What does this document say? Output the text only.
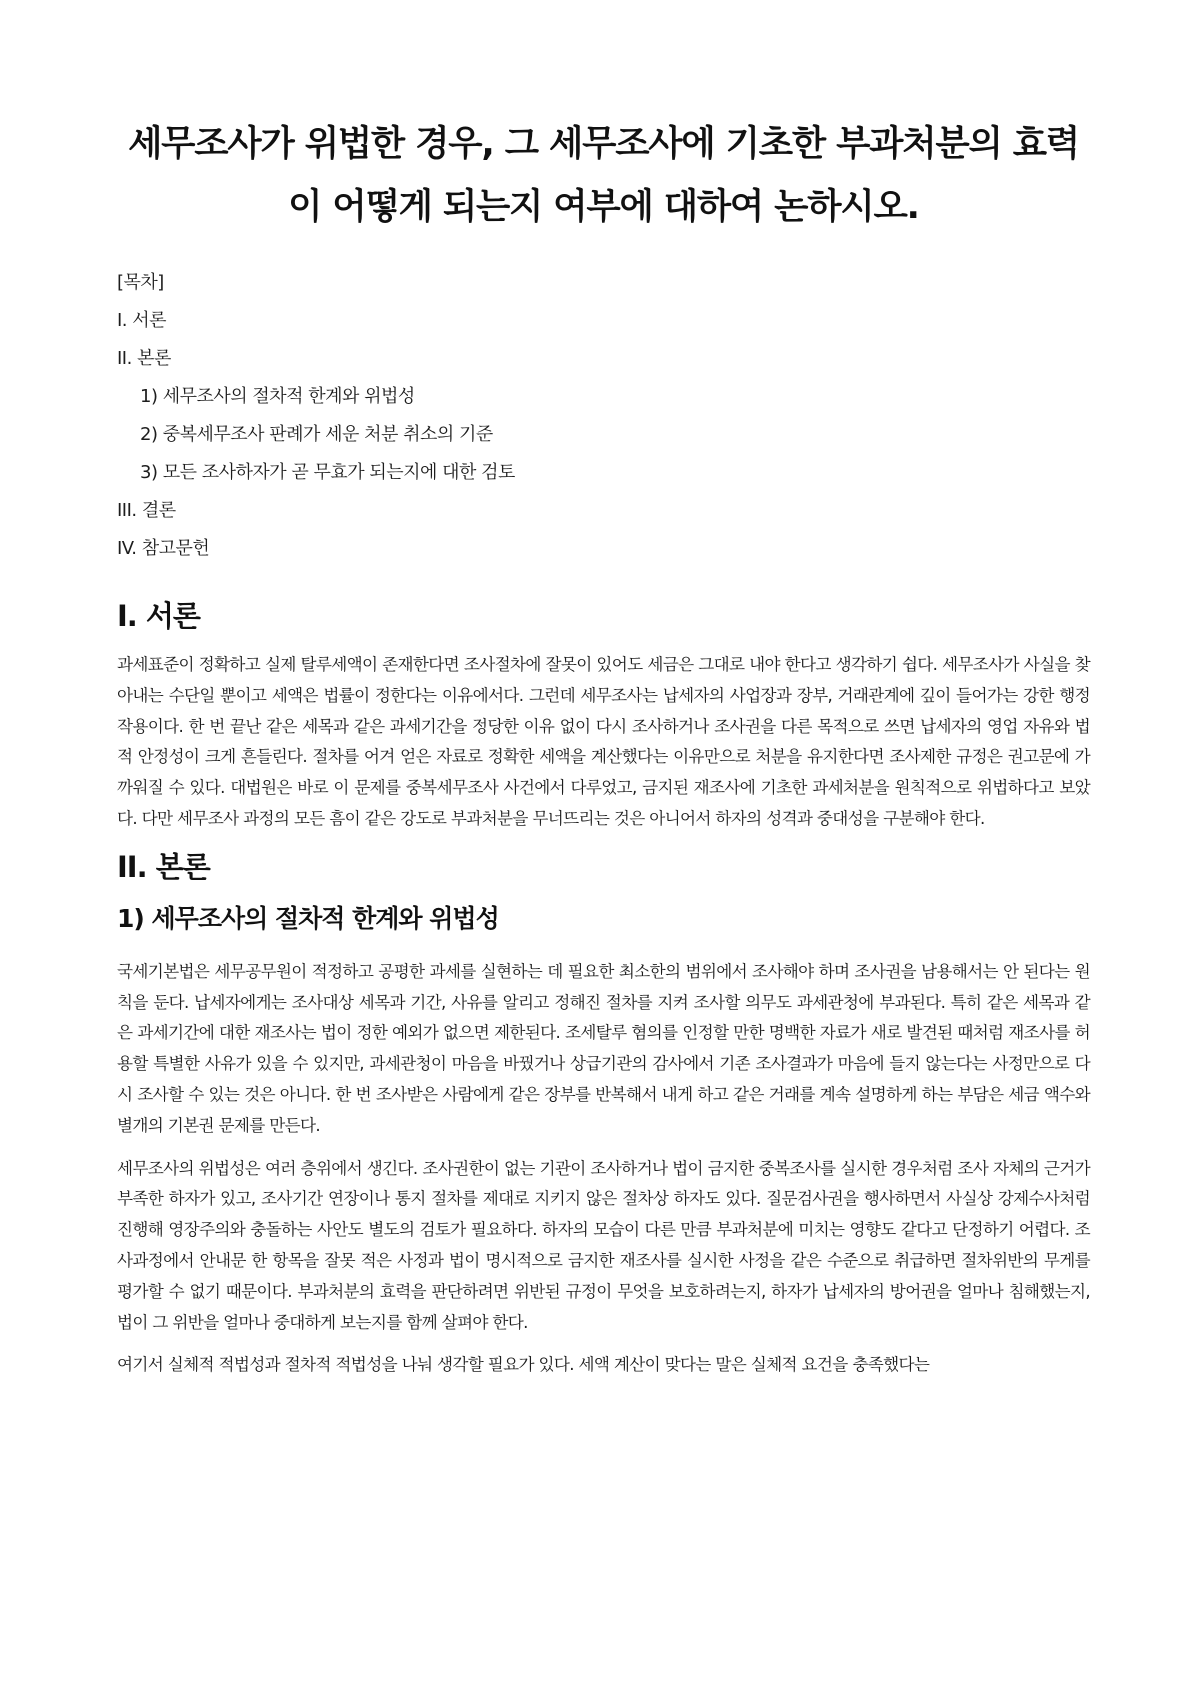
세무조사가 위법한 경우, 그 세무조사에 기초한 부과처분의 효력이 어떻게 되는지 여부에 대하여 논하시오.
[목차]
I. 서론
II. 본론
1) 세무조사의 절차적 한계와 위법성
2) 중복세무조사 판례가 세운 처분 취소의 기준
3) 모든 조사하자가 곧 무효가 되는지에 대한 검토
III. 결론
IV. 참고문헌
I. 서론

과세표준이 정확하고 실제 탈루세액이 존재한다면 조사절차에 잘못이 있어도 세금은 그대로 내야 한다고 생각하기 쉽다. 세무조사가 사실을 찾아내는 수단일 뿐이고 세액은 법률이 정한다는 이유에서다. 그런데 세무조사는 납세자의 사업장과 장부, 거래관계에 깊이 들어가는 강한 행정작용이다. 한 번 끝난 같은 세목과 같은 과세기간을 정당한 이유 없이 다시 조사하거나 조사권을 다른 목적으로 쓰면 납세자의 영업 자유와 법적 안정성이 크게 흔들린다. 절차를 어겨 얻은 자료로 정확한 세액을 계산했다는 이유만으로 처분을 유지한다면 조사제한 규정은 권고문에 가까워질 수 있다. 대법원은 바로 이 문제를 중복세무조사 사건에서 다루었고, 금지된 재조사에 기초한 과세처분을 원칙적으로 위법하다고 보았다. 다만 세무조사 과정의 모든 흠이 같은 강도로 부과처분을 무너뜨리는 것은 아니어서 하자의 성격과 중대성을 구분해야 한다.

II. 본론
1) 세무조사의 절차적 한계와 위법성

국세기본법은 세무공무원이 적정하고 공평한 과세를 실현하는 데 필요한 최소한의 범위에서 조사해야 하며 조사권을 남용해서는 안 된다는 원칙을 둔다. 납세자에게는 조사대상 세목과 기간, 사유를 알리고 정해진 절차를 지켜 조사할 의무도 과세관청에 부과된다. 특히 같은 세목과 같은 과세기간에 대한 재조사는 법이 정한 예외가 없으면 제한된다. 조세탈루 혐의를 인정할 만한 명백한 자료가 새로 발견된 때처럼 재조사를 허용할 특별한 사유가 있을 수 있지만, 과세관청이 마음을 바꿨거나 상급기관의 감사에서 기존 조사결과가 마음에 들지 않는다는 사정만으로 다시 조사할 수 있는 것은 아니다. 한 번 조사받은 사람에게 같은 장부를 반복해서 내게 하고 같은 거래를 계속 설명하게 하는 부담은 세금 액수와 별개의 기본권 문제를 만든다.

세무조사의 위법성은 여러 층위에서 생긴다. 조사권한이 없는 기관이 조사하거나 법이 금지한 중복조사를 실시한 경우처럼 조사 자체의 근거가 부족한 하자가 있고, 조사기간 연장이나 통지 절차를 제대로 지키지 않은 절차상 하자도 있다. 질문검사권을 행사하면서 사실상 강제수사처럼 진행해 영장주의와 충돌하는 사안도 별도의 검토가 필요하다. 하자의 모습이 다른 만큼 부과처분에 미치는 영향도 같다고 단정하기 어렵다. 조사과정에서 안내문 한 항목을 잘못 적은 사정과 법이 명시적으로 금지한 재조사를 실시한 사정을 같은 수준으로 취급하면 절차위반의 무게를 평가할 수 없기 때문이다. 부과처분의 효력을 판단하려면 위반된 규정이 무엇을 보호하려는지, 하자가 납세자의 방어권을 얼마나 침해했는지, 법이 그 위반을 얼마나 중대하게 보는지를 함께 살펴야 한다.

여기서 실체적 적법성과 절차적 적법성을 나눠 생각할 필요가 있다. 세액 계산이 맞다는 말은 실체적 요건을 충족했다는
